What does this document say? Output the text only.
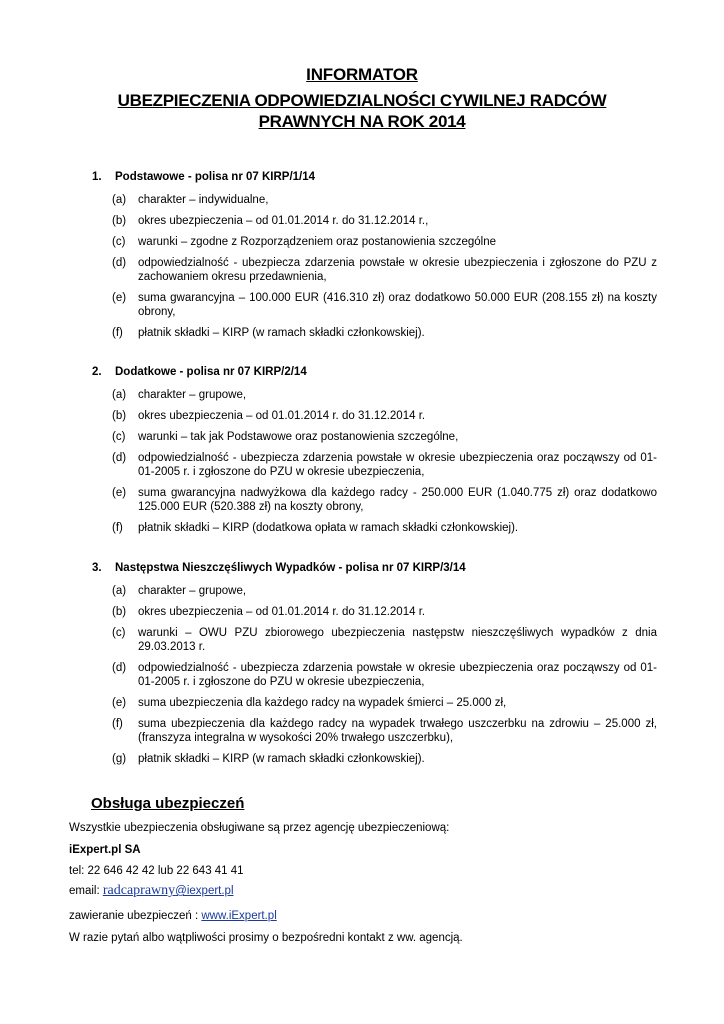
INFORMATOR
UBEZPIECZENIA ODPOWIEDZIALNOŚCI CYWILNEJ RADCÓW
PRAWNYCH NA ROK 2014
1.	Podstawowe - polisa nr 07 KIRP/1/14
(a)	charakter – indywidualne,
(b)	okres ubezpieczenia – od 01.01.2014 r. do 31.12.2014 r.,
(c)	warunki – zgodne z Rozporządzeniem oraz postanowienia szczególne
(d)	odpowiedzialność - ubezpiecza zdarzenia powstałe w okresie ubezpieczenia i zgłoszone do PZU z zachowaniem okresu przedawnienia,
(e)	suma gwarancyjna – 100.000 EUR (416.310 zł) oraz dodatkowo 50.000 EUR (208.155 zł) na koszty obrony,
(f)	płatnik składki – KIRP (w ramach składki członkowskiej).
2.	Dodatkowe - polisa nr 07 KIRP/2/14
(a)	charakter – grupowe,
(b)	okres ubezpieczenia – od 01.01.2014 r. do 31.12.2014 r.
(c)	warunki – tak jak Podstawowe oraz postanowienia szczególne,
(d)	odpowiedzialność - ubezpiecza zdarzenia powstałe w okresie ubezpieczenia oraz począwszy od 01-01-2005 r. i zgłoszone do PZU w okresie ubezpieczenia,
(e)	suma gwarancyjna nadwyżkowa dla każdego radcy - 250.000 EUR (1.040.775 zł) oraz dodatkowo 125.000 EUR (520.388 zł) na koszty obrony,
(f)	płatnik składki – KIRP (dodatkowa opłata w ramach składki członkowskiej).
3.	Następstwa Nieszczęśliwych Wypadków - polisa nr 07 KIRP/3/14
(a)	charakter – grupowe,
(b)	okres ubezpieczenia – od 01.01.2014 r. do 31.12.2014 r.
(c)	warunki – OWU PZU zbiorowego ubezpieczenia następstw nieszczęśliwych wypadków z dnia 29.03.2013 r.
(d)	odpowiedzialność - ubezpiecza zdarzenia powstałe w okresie ubezpieczenia oraz począwszy od 01-01-2005 r. i zgłoszone do PZU w okresie ubezpieczenia,
(e)	suma ubezpieczenia dla każdego radcy na wypadek śmierci – 25.000 zł,
(f)	suma ubezpieczenia dla każdego radcy na wypadek trwałego uszczerbku na zdrowiu – 25.000 zł, (franszyza integralna w wysokości 20% trwałego uszczerbku),
(g)	płatnik składki – KIRP (w ramach składki członkowskiej).
Obsługa ubezpieczeń
Wszystkie ubezpieczenia obsługiwane są przez agencję ubezpieczeniową:
iExpert.pl SA
tel: 22 646 42 42 lub 22 643 41 41
email: radcaprawny@iexpert.pl
zawieranie ubezpieczeń : www.iExpert.pl
W razie pytań albo wątpliwości prosimy o bezpośredni kontakt z ww. agencją.
